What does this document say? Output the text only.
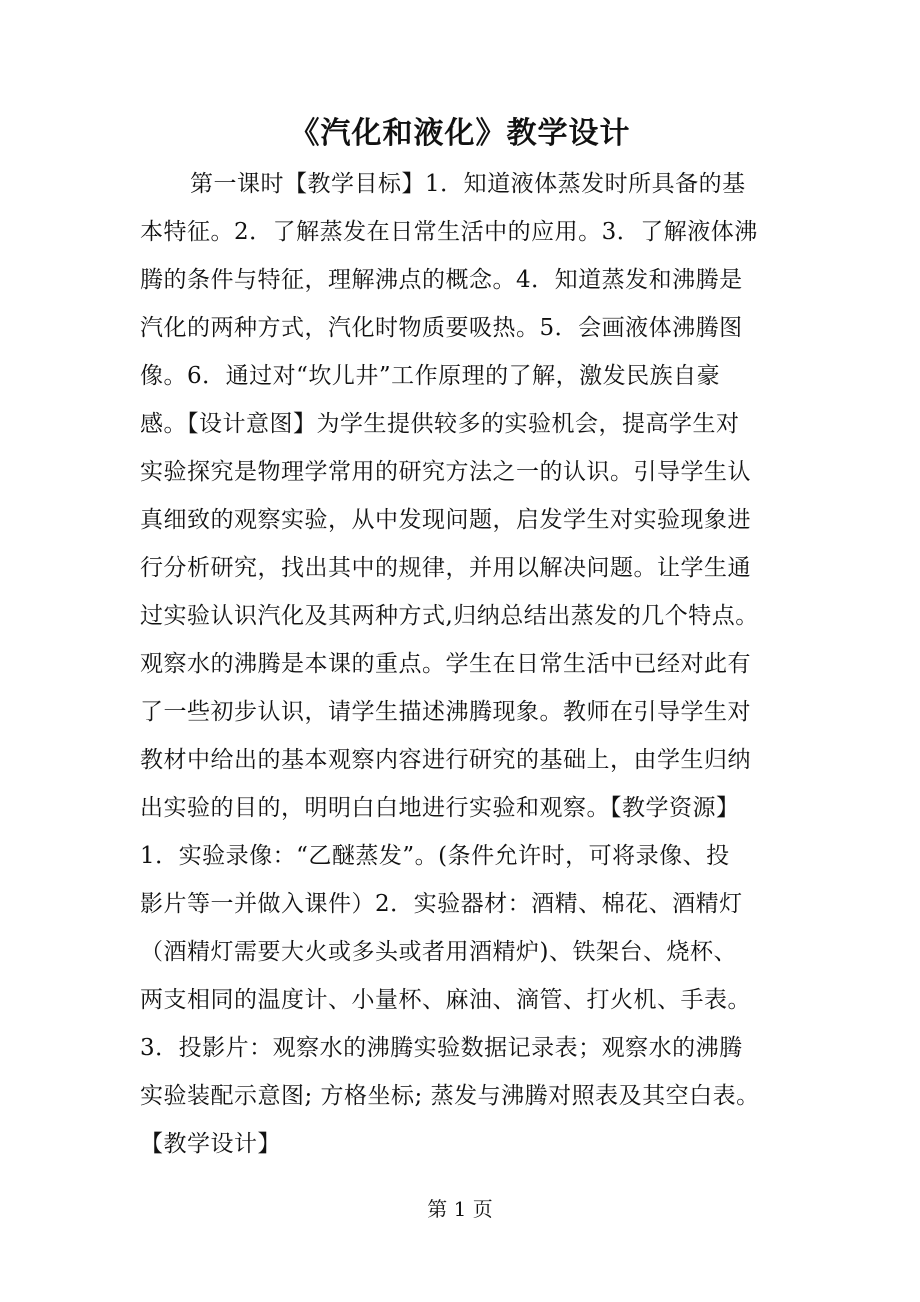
《汽化和液化》教学设计
第一课时【教学目标】1．知道液体蒸发时所具备的基
本特征。2．了解蒸发在日常生活中的应用。3．了解液体沸
腾的条件与特征，理解沸点的概念。4．知道蒸发和沸腾是
汽化的两种方式，汽化时物质要吸热。5．会画液体沸腾图
像。6．通过对“坎儿井”工作原理的了解，激发民族自豪
感。【设计意图】为学生提供较多的实验机会，提高学生对
实验探究是物理学常用的研究方法之一的认识。引导学生认
真细致的观察实验，从中发现问题，启发学生对实验现象进
行分析研究，找出其中的规律，并用以解决问题。让学生通
过实验认识汽化及其两种方式,归纳总结出蒸发的几个特点。
观察水的沸腾是本课的重点。学生在日常生活中已经对此有
了一些初步认识，请学生描述沸腾现象。教师在引导学生对
教材中给出的基本观察内容进行研究的基础上，由学生归纳
出实验的目的，明明白白地进行实验和观察。【教学资源】
1．实验录像：“乙醚蒸发”。(条件允许时，可将录像、投
影片等一并做入课件）2．实验器材：酒精、棉花、酒精灯
（酒精灯需要大火或多头或者用酒精炉)、铁架台、烧杯、
两支相同的温度计、小量杯、麻油、滴管、打火机、手表。
3．投影片：观察水的沸腾实验数据记录表；观察水的沸腾
实验装配示意图; 方格坐标; 蒸发与沸腾对照表及其空白表。
【教学设计】
第 1 页
